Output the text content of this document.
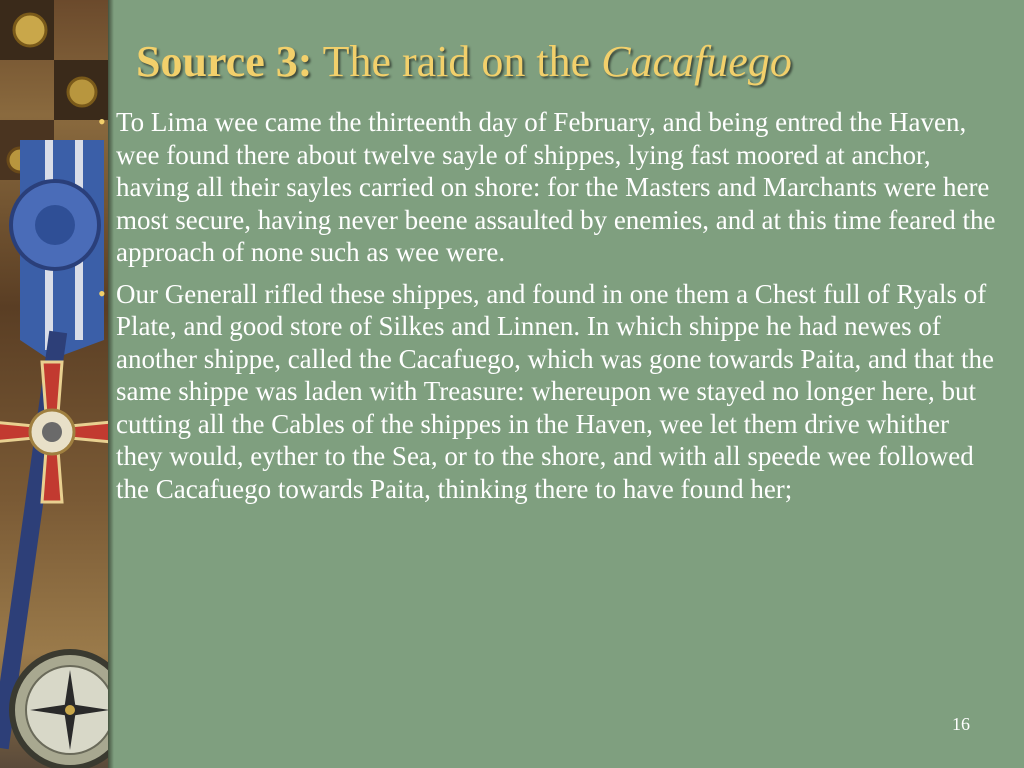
Source 3: The raid on the Cacafuego
• To Lima wee came the thirteenth day of February, and being entred the Haven, wee found there about twelve sayle of shippes, lying fast moored at anchor, having all their sayles carried on shore: for the Masters and Marchants were here most secure, having never beene assaulted by enemies, and at this time feared the approach of none such as wee were.
• Our Generall rifled these shippes, and found in one them a Chest full of Ryals of Plate, and good store of Silkes and Linnen. In which shippe he had newes of another shippe, called the Cacafuego, which was gone towards Paita, and that the same shippe was laden with Treasure: whereupon we stayed no longer here, but cutting all the Cables of the shippes in the Haven, wee let them drive whither they would, eyther to the Sea, or to the shore, and with all speede wee followed the Cacafuego towards Paita, thinking there to have found her;
16
